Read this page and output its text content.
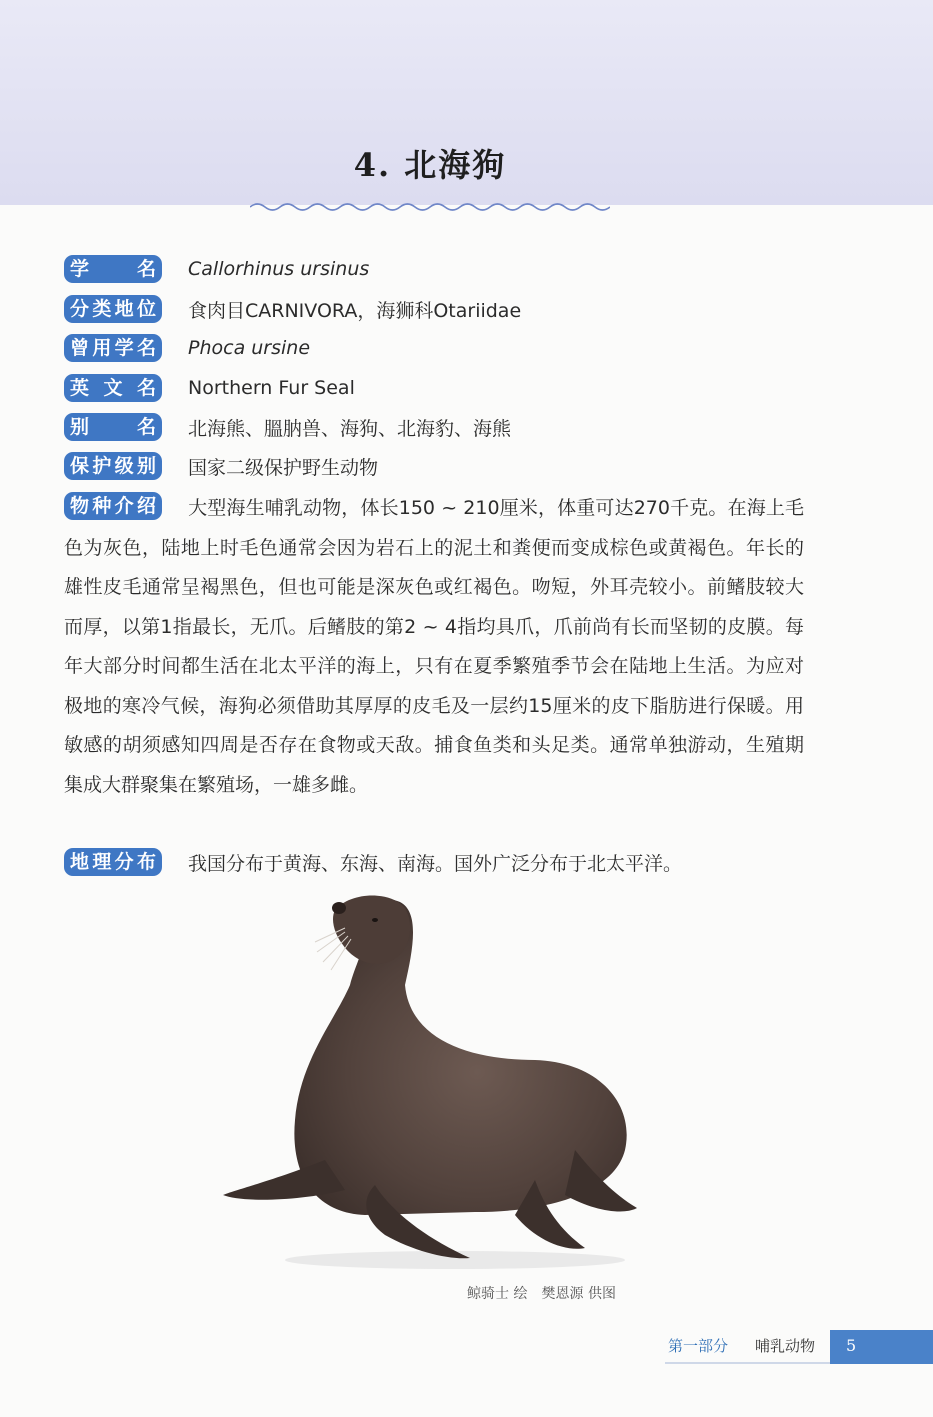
4. 北海狗
学　　名	Callorhinus ursinus
分类地位	食肉目CARNIVORA，海狮科Otariidae
曾用学名	Phoca ursine
英 文 名	Northern Fur Seal
别　　名	北海熊、膃肭兽、海狗、北海豹、海熊
保护级别	国家二级保护野生动物
物种介绍 大型海生哺乳动物，体长150 ~ 210厘米，体重可达270千克。在海上毛色为灰色，陆地上时毛色通常会因为岩石上的泥土和粪便而变成棕色或黄褐色。年长的雄性皮毛通常呈褐黑色，但也可能是深灰色或红褐色。吻短，外耳壳较小。前鳍肢较大而厚，以第1指最长，无爪。后鳍肢的第2 ~ 4指均具爪，爪前尚有长而坚韧的皮膜。每年大部分时间都生活在北太平洋的海上，只有在夏季繁殖季节会在陆地上生活。为应对极地的寒冷气候，海狗必须借助其厚厚的皮毛及一层约15厘米的皮下脂肪进行保暖。用敏感的胡须感知四周是否存在食物或天敌。捕食鱼类和头足类。通常单独游动，生殖期集成大群聚集在繁殖场，一雄多雌。
地理分布	我国分布于黄海、东海、南海。国外广泛分布于北太平洋。
鲸骑士 绘　樊恩源 供图
第一部分 哺乳动物 5
